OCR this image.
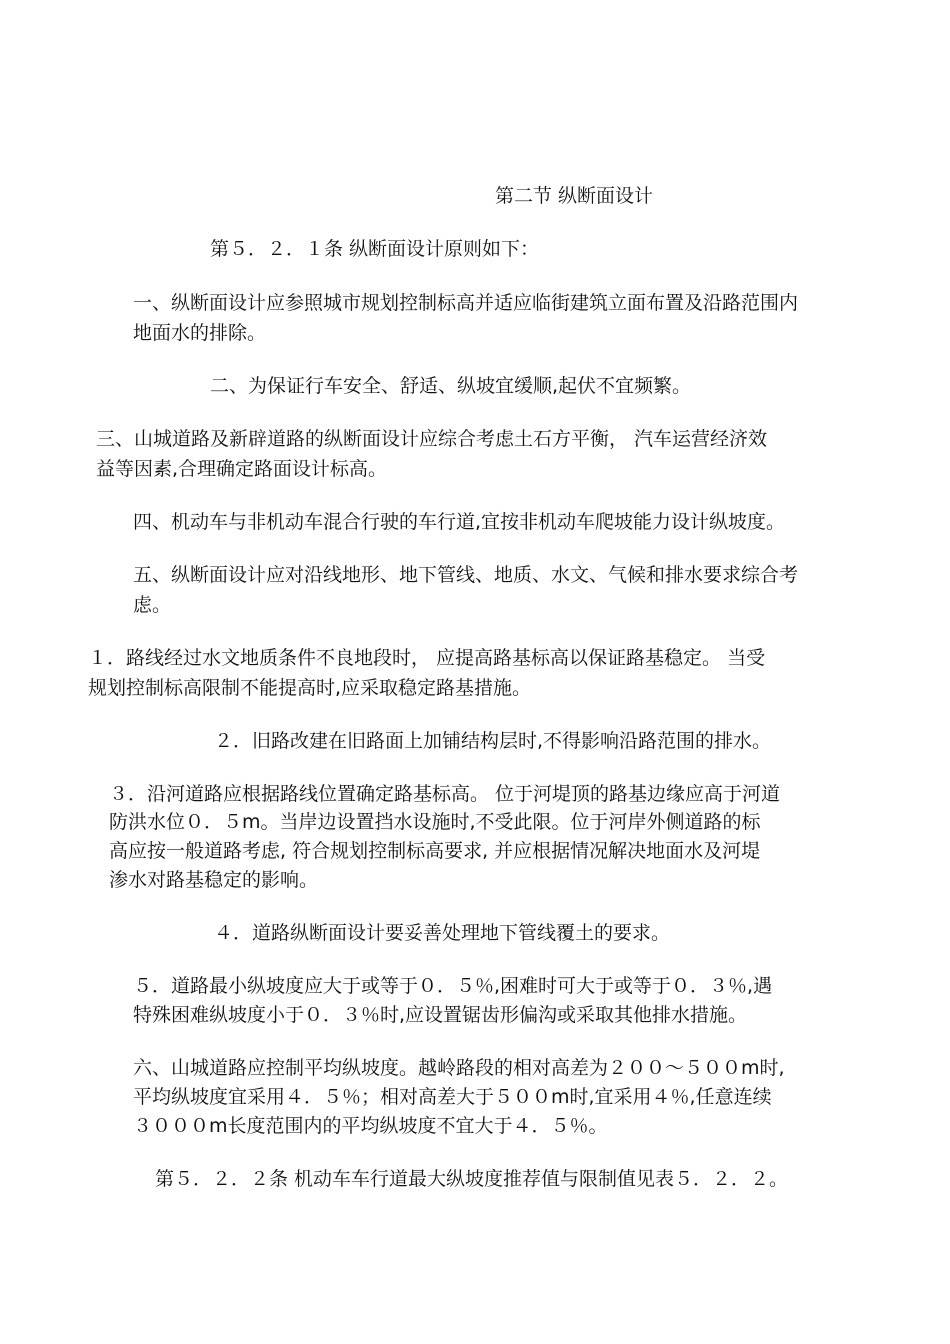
第二节 纵断面设计

第５．２．１条 纵断面设计原则如下：

一、纵断面设计应参照城市规划控制标高并适应临街建筑立面布置及沿路范围内

地面水的排除。

二、为保证行车安全、舒适、纵坡宜缓顺,起伏不宜频繁。

三、山城道路及新辟道路的纵断面设计应综合考虑土石方平衡， 汽车运营经济效

益等因素,合理确定路面设计标高。

四、机动车与非机动车混合行驶的车行道,宜按非机动车爬坡能力设计纵坡度。

五、纵断面设计应对沿线地形、地下管线、地质、水文、气候和排水要求综合考

虑。

１．路线经过水文地质条件不良地段时， 应提高路基标高以保证路基稳定。 当受

规划控制标高限制不能提高时,应采取稳定路基措施。

２．旧路改建在旧路面上加铺结构层时,不得影响沿路范围的排水。

３．沿河道路应根据路线位置确定路基标高。 位于河堤顶的路基边缘应高于河道

防洪水位０．５m。当岸边设置挡水设施时,不受此限。位于河岸外侧道路的标

高应按一般道路考虑, 符合规划控制标高要求, 并应根据情况解决地面水及河堤

渗水对路基稳定的影响。

４．道路纵断面设计要妥善处理地下管线覆土的要求。

５．道路最小纵坡度应大于或等于０．５％,困难时可大于或等于０．３％,遇

特殊困难纵坡度小于０．３％时,应设置锯齿形偏沟或采取其他排水措施。

六、山城道路应控制平均纵坡度。越岭路段的相对高差为２００～５００m时,

平均纵坡度宜采用４．５％；相对高差大于５００m时,宜采用４％,任意连续

３０００m长度范围内的平均纵坡度不宜大于４．５％。

第５．２．２条 机动车车行道最大纵坡度推荐值与限制值见表５．２．２。
